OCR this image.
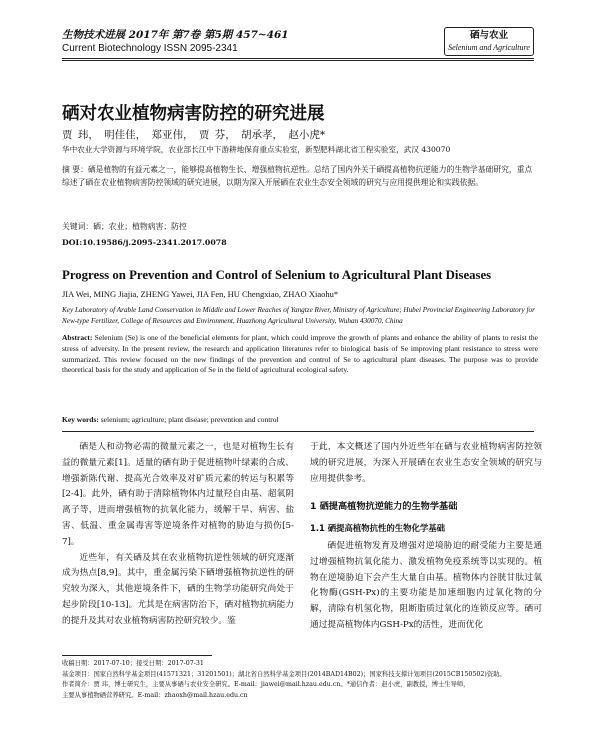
生物技术进展 2017年 第7卷 第5期 457~461
Current Biotechnology ISSN 2095-2341
硒与农业
Selenium and Agriculture
硒对农业植物病害防控的研究进展
贾 玮， 明佳佳， 郑亚伟， 贾 芬， 胡承孝， 赵小虎*
华中农业大学资源与环境学院，农业部长江中下游耕地保育重点实验室，新型肥料湖北省工程实验室，武汉 430070
摘 要：硒是植物的有益元素之一，能够提高植物生长、增强植物抗逆性。总结了国内外关于硒提高植物抗逆能力的生物学基础研究，重点综述了硒在农业植物病害防控领域的研究进展，以期为深入开展硒在农业生态安全领域的研究与应用提供理论和实践依据。
关键词：硒；农业；植物病害；防控
DOI:10.19586/j.2095-2341.2017.0078
Progress on Prevention and Control of Selenium to Agricultural Plant Diseases
JIA Wei, MING Jiajia, ZHENG Yawei, JIA Fen, HU Chengxiao, ZHAO Xiaohu*
Key Laboratory of Arable Land Conservation in Middle and Lower Reaches of Yangtze River, Ministry of Agriculture; Hubei Provincial Engineering Laboratory for New-type Fertilizer, College of Resources and Environment, Huazhong Agricultural University, Wuhan 430070, China
Abstract: Selenium (Se) is one of the beneficial elements for plant, which could improve the growth of plants and enhance the ability of plants to resist the stress of adversity. In the present review, the research and application literatures refer to biological basis of Se improving plant resistance to stress were summarized. This review focused on the new findings of the prevention and control of Se to agricultural plant diseases. The purpose was to provide theoretical basis for the study and application of Se in the field of agricultural ecological safety.
Key words: selenium; agriculture; plant disease; prevention and control
硒是人和动物必需的微量元素之一，也是对植物生长有益的微量元素[1]。适量的硒有助于促进植物叶绿素的合成、增强新陈代谢、提高光合效率及对矿质元素的转运与积累等[2-4]。此外，硒有助于清除植物体内过量羟自由基、超氧阴离子等，进而增强植物的抗氧化能力，缓解干旱、病害、盐害、低温、重金属毒害等逆境条件对植物的胁迫与损伤[5-7]。
近些年，有关硒及其在农业植物抗逆性领域的研究逐渐成为热点[8,9]。其中，重金属污染下硒增强植物抗逆性的研究较为深入，其他逆境条件下，硒的生物学功能研究尚处于起步阶段[10-13]。尤其是在病害防治下，硒对植物抗病能力的提升及其对农业植物病害防控研究较少。鉴
于此，本文概述了国内外近些年在硒与农业植物病害防控领域的研究进展，为深入开展硒在农业生态安全领域的研究与应用提供参考。
1 硒提高植物抗逆能力的生物学基础
1.1 硒提高植物抗性的生物化学基础
硒促进植物发育及增强对逆境胁迫的耐受能力主要是通过增强植物抗氧化能力、激发植物免疫系统等以实现的。植物在逆境胁迫下会产生大量自由基。植物体内谷胱甘肽过氧化物酶(GSH-Px)的主要功能是加速细胞内过氧化物的分解，清除有机氢化物，阻断脂质过氧化的连锁反应等。硒可通过提高植物体内GSH-Px的活性，进而优化
收稿日期：2017-07-10；接受日期：2017-07-31
基金项目：国家自然科学基金项目(41571321；31201501)；湖北省自然科学基金项目(2014BAD14B02)；国家科技支撑计划项目(2015CB150502)资助。
作者简介：贾 玮，博士研究生，主要从事硒与农业安全研究。E-mail：jiawei@mail.hzau.edu.cn。*通信作者：赵小虎，副教授，博士生导师，
主要从事植物硒营养研究。E-mail：zhaoxh@mail.hzau.edu.cn
